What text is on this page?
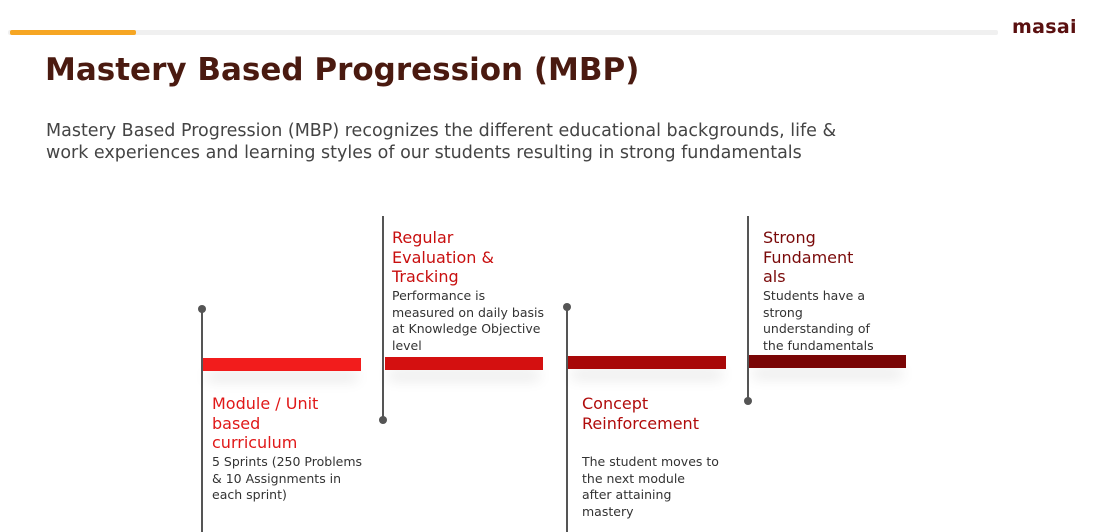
masai
Mastery Based Progression (MBP)

Mastery Based Progression (MBP) recognizes the different educational backgrounds, life &
work experiences and learning styles of our students resulting in strong fundamentals

Module / Unit
based
curriculum

5 Sprints (250 Problems
& 10 Assignments in
each sprint)

Regular
Evaluation &
Tracking

Performance is
measured on daily basis
at Knowledge Objective
level

Concept
Reinforcement

The student moves to
the next module
after attaining
mastery

Strong
Fundament
als

Students have a
strong
understanding of
the fundamentals
